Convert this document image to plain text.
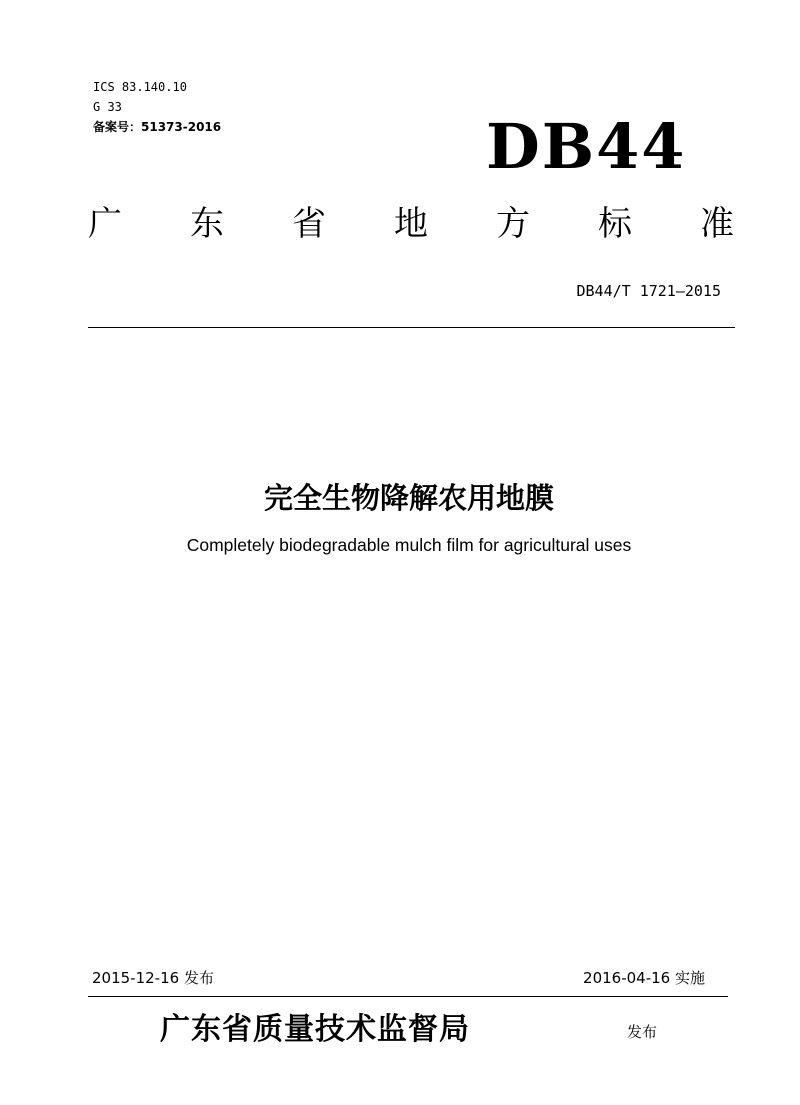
ICS 83.140.10
G 33
备案号：51373-2016	DB44
广 东 省 地 方 标 准
DB44/T 1721—2015
完全生物降解农用地膜
Completely biodegradable mulch film for agricultural uses
2015-12-16 发布	2016-04-16 实施
广东省质量技术监督局	发布
